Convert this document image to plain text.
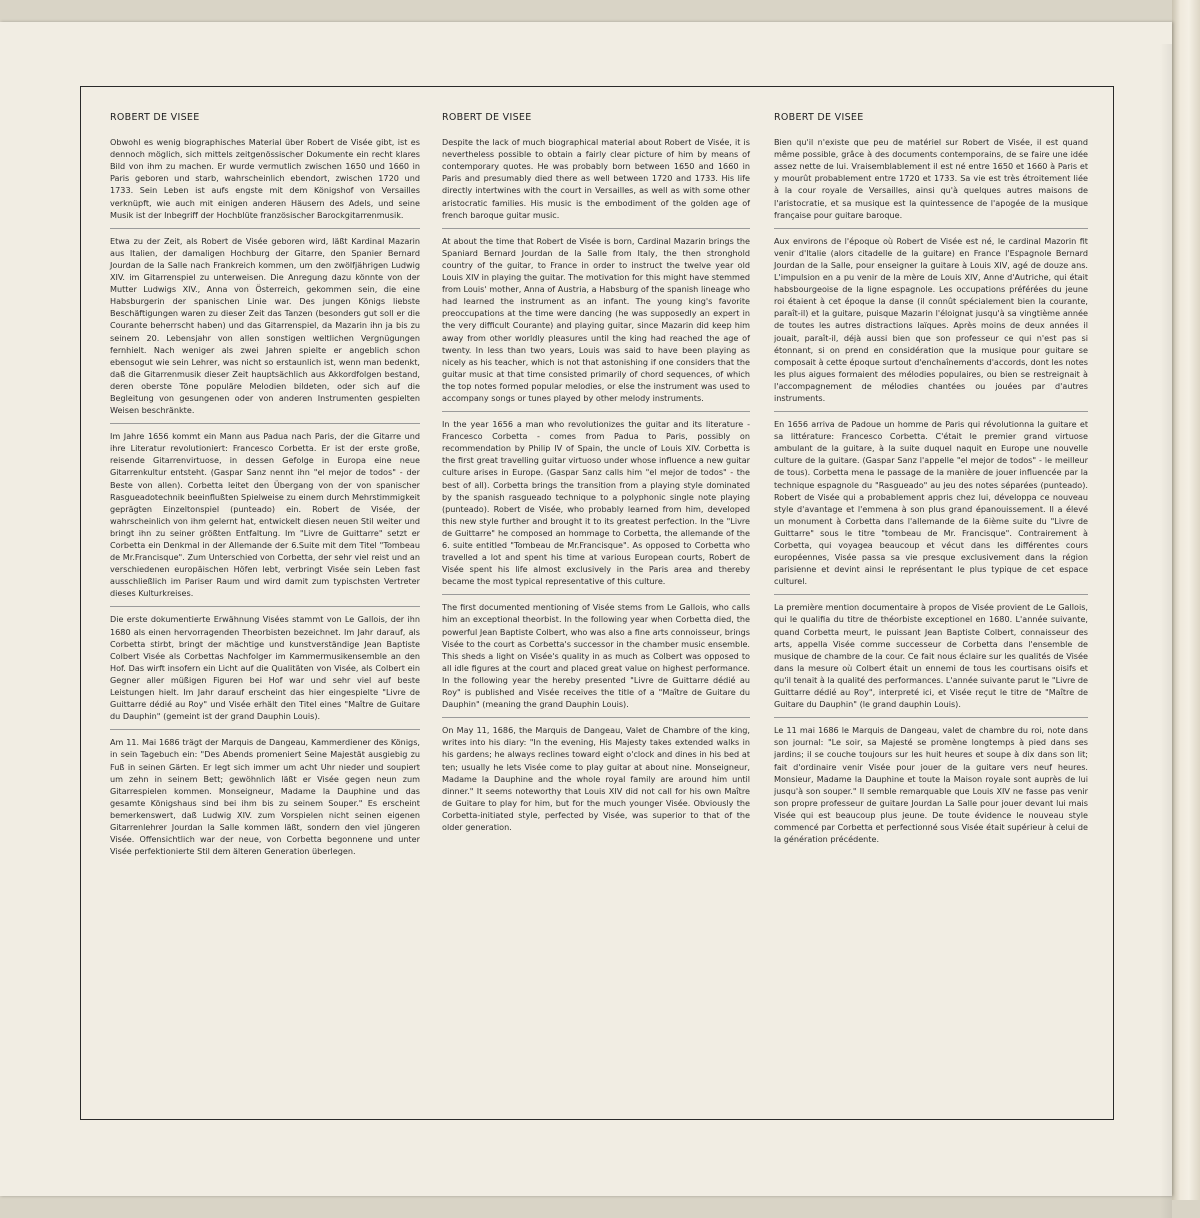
ROBERT DE VISEE

Obwohl es wenig biographisches Material über Robert de Visée gibt, ist es dennoch möglich, sich mittels zeitgenössischer Dokumente ein recht klares Bild von ihm zu machen. Er wurde vermutlich zwischen 1650 und 1660 in Paris geboren und starb, wahrscheinlich ebendort, zwischen 1720 und 1733. Sein Leben ist aufs engste mit dem Königshof von Versailles verknüpft, wie auch mit einigen anderen Häusern des Adels, und seine Musik ist der Inbegriff der Hochblüte französischer Barockgitarrenmusik.

Etwa zu der Zeit, als Robert de Visée geboren wird, läßt Kardinal Mazarin aus Italien, der damaligen Hochburg der Gitarre, den Spanier Bernard Jourdan de la Salle nach Frankreich kommen, um den zwölfjährigen Ludwig XIV. im Gitarrenspiel zu unterweisen. Die Anregung dazu könnte von der Mutter Ludwigs XIV., Anna von Österreich, gekommen sein, die eine Habsburgerin der spanischen Linie war. Des jungen Königs liebste Beschäftigungen waren zu dieser Zeit das Tanzen (besonders gut soll er die Courante beherrscht haben) und das Gitarrenspiel, da Mazarin ihn ja bis zu seinem 20. Lebensjahr von allen sonstigen weltlichen Vergnügungen fernhielt. Nach weniger als zwei Jahren spielte er angeblich schon ebensogut wie sein Lehrer, was nicht so erstaunlich ist, wenn man bedenkt, daß die Gitarrenmusik dieser Zeit hauptsächlich aus Akkordfolgen bestand, deren oberste Töne populäre Melodien bildeten, oder sich auf die Begleitung von gesungenen oder von anderen Instrumenten gespielten Weisen beschränkte.

Im Jahre 1656 kommt ein Mann aus Padua nach Paris, der die Gitarre und ihre Literatur revolutioniert: Francesco Corbetta. Er ist der erste große, reisende Gitarrenvirtuose, in dessen Gefolge in Europa eine neue Gitarrenkultur entsteht. (Gaspar Sanz nennt ihn "el mejor de todos" - der Beste von allen). Corbetta leitet den Übergang von der von spanischer Rasgueadotechnik beeinflußten Spielweise zu einem durch Mehrstimmigkeit geprägten Einzeltonspiel (punteado) ein. Robert de Visée, der wahrscheinlich von ihm gelernt hat, entwickelt diesen neuen Stil weiter und bringt ihn zu seiner größten Entfaltung. Im "Livre de Guittarre" setzt er Corbetta ein Denkmal in der Allemande der 6.Suite mit dem Titel "Tombeau de Mr.Francisque". Zum Unterschied von Corbetta, der sehr viel reist und an verschiedenen europäischen Höfen lebt, verbringt Visée sein Leben fast ausschließlich im Pariser Raum und wird damit zum typischsten Vertreter dieses Kulturkreises.

Die erste dokumentierte Erwähnung Visées stammt von Le Gallois, der ihn 1680 als einen hervorragenden Theorbisten bezeichnet. Im Jahr darauf, als Corbetta stirbt, bringt der mächtige und kunstverständige Jean Baptiste Colbert Visée als Corbettas Nachfolger im Kammermusikensemble an den Hof. Das wirft insofern ein Licht auf die Qualitäten von Visée, als Colbert ein Gegner aller müßigen Figuren bei Hof war und sehr viel auf beste Leistungen hielt. Im Jahr darauf erscheint das hier eingespielte "Livre de Guittarre dédié au Roy" und Visée erhält den Titel eines "Maître de Guitare du Dauphin" (gemeint ist der grand Dauphin Louis).

Am 11. Mai 1686 trägt der Marquis de Dangeau, Kammerdiener des Königs, in sein Tagebuch ein: "Des Abends promeniert Seine Majestät ausgiebig zu Fuß in seinen Gärten. Er legt sich immer um acht Uhr nieder und soupiert um zehn in seinem Bett; gewöhnlich läßt er Visée gegen neun zum Gitarrespielen kommen. Monseigneur, Madame la Dauphine und das gesamte Königshaus sind bei ihm bis zu seinem Souper." Es erscheint bemerkenswert, daß Ludwig XIV. zum Vorspielen nicht seinen eigenen Gitarrenlehrer Jourdan la Salle kommen läßt, sondern den viel jüngeren Visée. Offensichtlich war der neue, von Corbetta begonnene und unter Visée perfektionierte Stil dem älteren Generation überlegen.

ROBERT DE VISEE

Despite the lack of much biographical material about Robert de Visée, it is nevertheless possible to obtain a fairly clear picture of him by means of contemporary quotes. He was probably born between 1650 and 1660 in Paris and presumably died there as well between 1720 and 1733. His life directly intertwines with the court in Versailles, as well as with some other aristocratic families. His music is the embodiment of the golden age of french baroque guitar music.

At about the time that Robert de Visée is born, Cardinal Mazarin brings the Spaniard Bernard Jourdan de la Salle from Italy, the then stronghold country of the guitar, to France in order to instruct the twelve year old Louis XIV in playing the guitar. The motivation for this might have stemmed from Louis' mother, Anna of Austria, a Habsburg of the spanish lineage who had learned the instrument as an infant. The young king's favorite preoccupations at the time were dancing (he was supposedly an expert in the very difficult Courante) and playing guitar, since Mazarin did keep him away from other worldly pleasures until the king had reached the age of twenty. In less than two years, Louis was said to have been playing as nicely as his teacher, which is not that astonishing if one considers that the guitar music at that time consisted primarily of chord sequences, of which the top notes formed popular melodies, or else the instrument was used to accompany songs or tunes played by other melody instruments.

In the year 1656 a man who revolutionizes the guitar and its literature - Francesco Corbetta - comes from Padua to Paris, possibly on recommendation by Philip IV of Spain, the uncle of Louis XIV. Corbetta is the first great travelling guitar virtuoso under whose influence a new guitar culture arises in Europe. (Gaspar Sanz calls him "el mejor de todos" - the best of all). Corbetta brings the transition from a playing style dominated by the spanish rasgueado technique to a polyphonic single note playing (punteado). Robert de Visée, who probably learned from him, developed this new style further and brought it to its greatest perfection. In the "Livre de Guittarre" he composed an hommage to Corbetta, the allemande of the 6. suite entitled "Tombeau de Mr.Francisque". As opposed to Corbetta who travelled a lot and spent his time at various European courts, Robert de Visée spent his life almost exclusively in the Paris area and thereby became the most typical representative of this culture.

The first documented mentioning of Visée stems from Le Gallois, who calls him an exceptional theorbist. In the following year when Corbetta died, the powerful Jean Baptiste Colbert, who was also a fine arts connoisseur, brings Visée to the court as Corbetta's successor in the chamber music ensemble. This sheds a light on Visée's quality in as much as Colbert was opposed to all idle figures at the court and placed great value on highest performance. In the following year the hereby presented "Livre de Guittarre dédié au Roy" is published and Visée receives the title of a "Maître de Guitare du Dauphin" (meaning the grand Dauphin Louis).

On May 11, 1686, the Marquis de Dangeau, Valet de Chambre of the king, writes into his diary: "In the evening, His Majesty takes extended walks in his gardens; he always reclines toward eight o'clock and dines in his bed at ten; usually he lets Visée come to play guitar at about nine. Monseigneur, Madame la Dauphine and the whole royal family are around him until dinner." It seems noteworthy that Louis XIV did not call for his own Maître de Guitare to play for him, but for the much younger Visée. Obviously the Corbetta-initiated style, perfected by Visée, was superior to that of the older generation.

ROBERT DE VISEE

Bien qu'il n'existe que peu de matériel sur Robert de Visée, il est quand même possible, grâce à des documents contemporains, de se faire une idée assez nette de lui. Vraisemblablement il est né entre 1650 et 1660 à Paris et y mourût probablement entre 1720 et 1733. Sa vie est très étroitement liée à la cour royale de Versailles, ainsi qu'à quelques autres maisons de l'aristocratie, et sa musique est la quintessence de l'apogée de la musique française pour guitare baroque.

Aux environs de l'époque où Robert de Visée est né, le cardinal Mazorin fit venir d'Italie (alors citadelle de la guitare) en France l'Espagnole Bernard Jourdan de la Salle, pour enseigner la guitare à Louis XIV, agé de douze ans. L'impulsion en a pu venir de la mère de Louis XIV, Anne d'Autriche, qui était habsbourgeoise de la ligne espagnole. Les occupations préférées du jeune roi étaient à cet époque la danse (il connût spécialement bien la courante, paraît-il) et la guitare, puisque Mazarin l'éloignat jusqu'à sa vingtième année de toutes les autres distractions laïques. Après moins de deux années il jouait, paraît-il, déjà aussi bien que son professeur ce qui n'est pas si étonnant, si on prend en considération que la musique pour guitare se composait à cette époque surtout d'enchaînements d'accords, dont les notes les plus aigues formaient des mélodies populaires, ou bien se restreignait à l'accompagnement de mélodies chantées ou jouées par d'autres instruments.

En 1656 arriva de Padoue un homme de Paris qui révolutionna la guitare et sa littérature: Francesco Corbetta. C'était le premier grand virtuose ambulant de la guitare, à la suite duquel naquit en Europe une nouvelle culture de la guitare. (Gaspar Sanz l'appelle "el mejor de todos" - le meilleur de tous). Corbetta mena le passage de la manière de jouer influencée par la technique espagnole du "Rasgueado" au jeu des notes séparées (punteado). Robert de Visée qui a probablement appris chez lui, développa ce nouveau style d'avantage et l'emmena à son plus grand épanouissement. Il a élevé un monument à Corbetta dans l'allemande de la 6ième suite du "Livre de Guittarre" sous le titre "tombeau de Mr. Francisque". Contrairement à Corbetta, qui voyagea beaucoup et vécut dans les différentes cours européennes, Visée passa sa vie presque exclusivement dans la région parisienne et devint ainsi le représentant le plus typique de cet espace culturel.

La première mention documentaire à propos de Visée provient de Le Gallois, qui le qualifia du titre de théorbiste exceptionel en 1680. L'année suivante, quand Corbetta meurt, le puissant Jean Baptiste Colbert, connaisseur des arts, appella Visée comme successeur de Corbetta dans l'ensemble de musique de chambre de la cour. Ce fait nous éclaire sur les qualités de Visée dans la mesure où Colbert était un ennemi de tous les courtisans oisifs et qu'il tenait à la qualité des performances. L'année suivante parut le "Livre de Guittarre dédié au Roy", interpreté ici, et Visée reçut le titre de "Maître de Guitare du Dauphin" (le grand dauphin Louis).

Le 11 mai 1686 le Marquis de Dangeau, valet de chambre du roi, note dans son journal: "Le soir, sa Majesté se promène longtemps à pied dans ses jardins; il se couche toujours sur les huit heures et soupe à dix dans son lit; fait d'ordinaire venir Visée pour jouer de la guitare vers neuf heures. Monsieur, Madame la Dauphine et toute la Maison royale sont auprès de lui jusqu'à son souper." Il semble remarquable que Louis XIV ne fasse pas venir son propre professeur de guitare Jourdan La Salle pour jouer devant lui mais Visée qui est beaucoup plus jeune. De toute évidence le nouveau style commencé par Corbetta et perfectionné sous Visée était supérieur à celui de la génération précédente.
